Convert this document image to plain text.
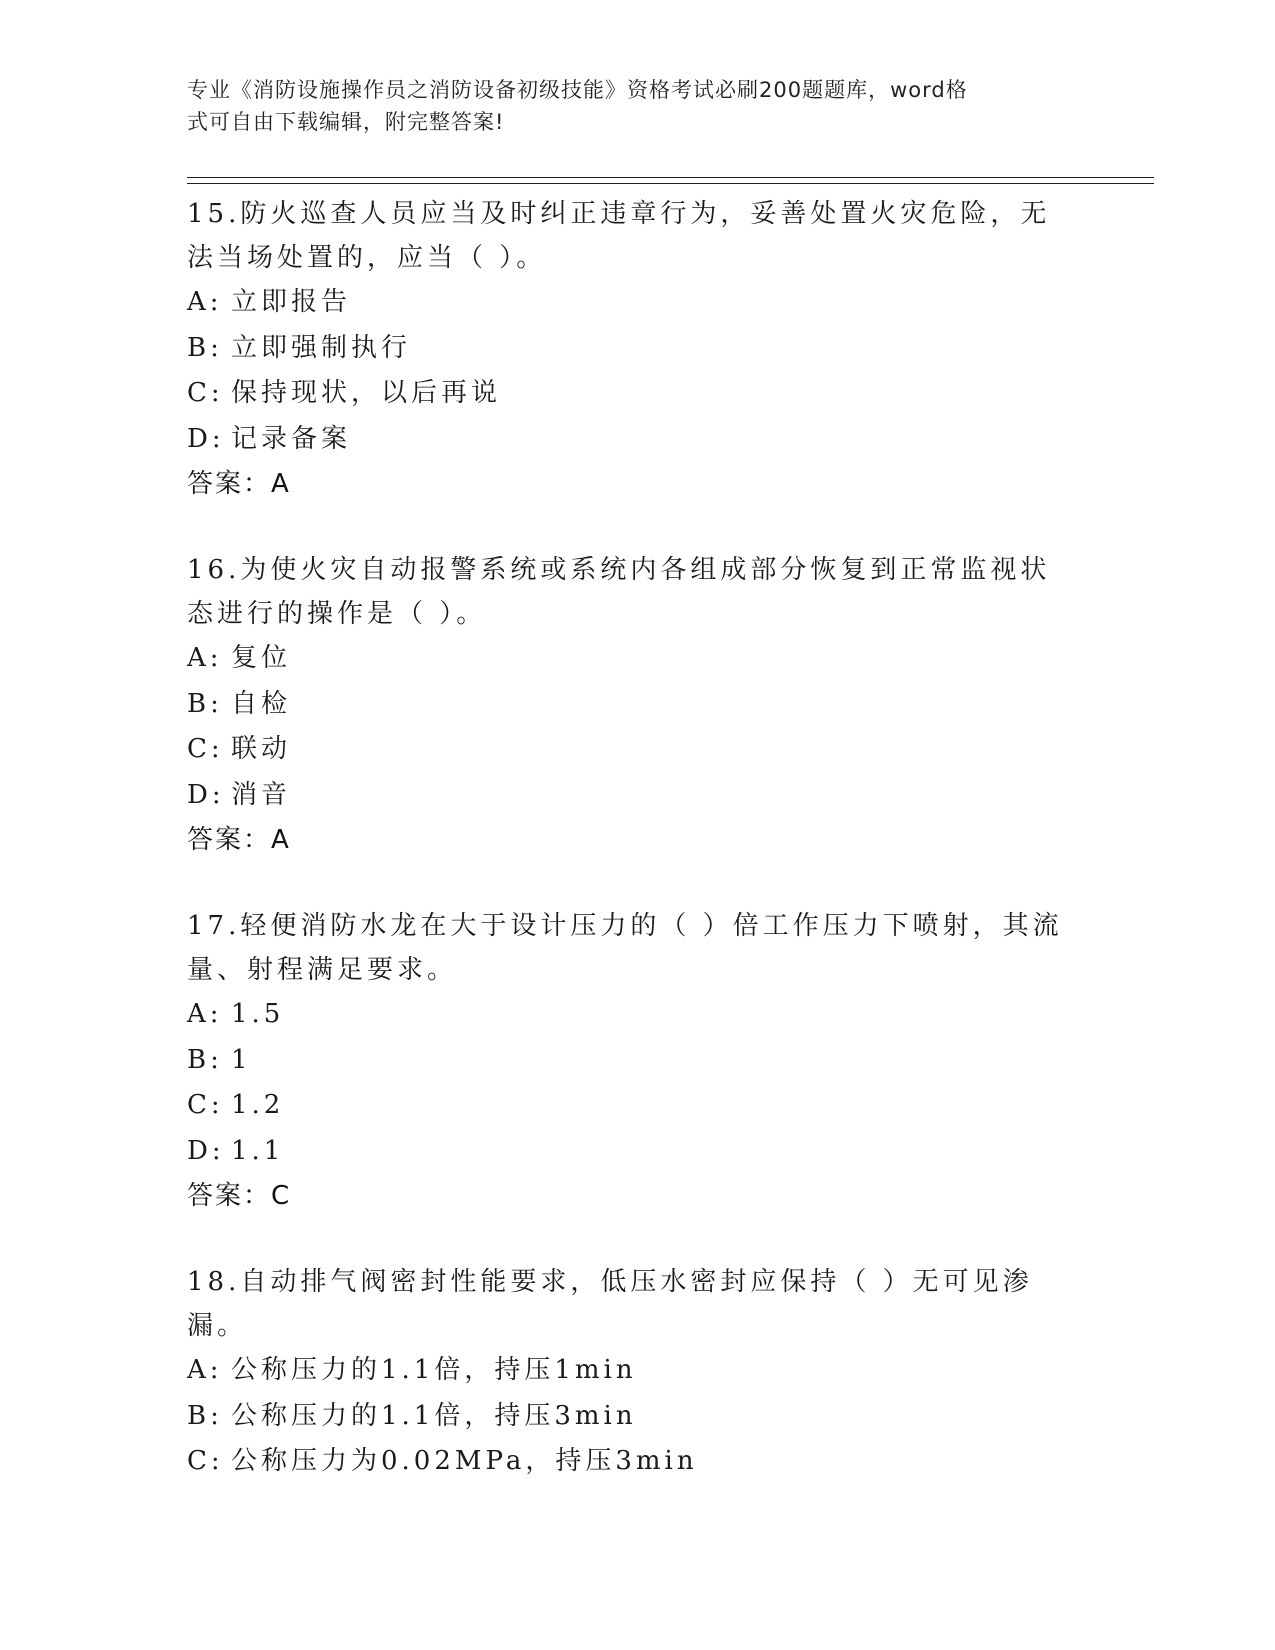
专业《消防设施操作员之消防设备初级技能》资格考试必刷200题题库，word格
式可自由下载编辑，附完整答案!
15.防火巡查人员应当及时纠正违章行为，妥善处置火灾危险，无法当场处置的，应当（ ）。
A: 立即报告
B: 立即强制执行
C: 保持现状，以后再说
D: 记录备案
答案：A
16.为使火灾自动报警系统或系统内各组成部分恢复到正常监视状态进行的操作是（ ）。
A: 复位
B: 自检
C: 联动
D: 消音
答案：A
17.轻便消防水龙在大于设计压力的（ ）倍工作压力下喷射，其流量、射程满足要求。
A: 1.5
B: 1
C: 1.2
D: 1.1
答案：C
18.自动排气阀密封性能要求，低压水密封应保持（ ）无可见渗漏。
A: 公称压力的1.1倍，持压1min
B: 公称压力的1.1倍，持压3min
C: 公称压力为0.02MPa，持压3min
